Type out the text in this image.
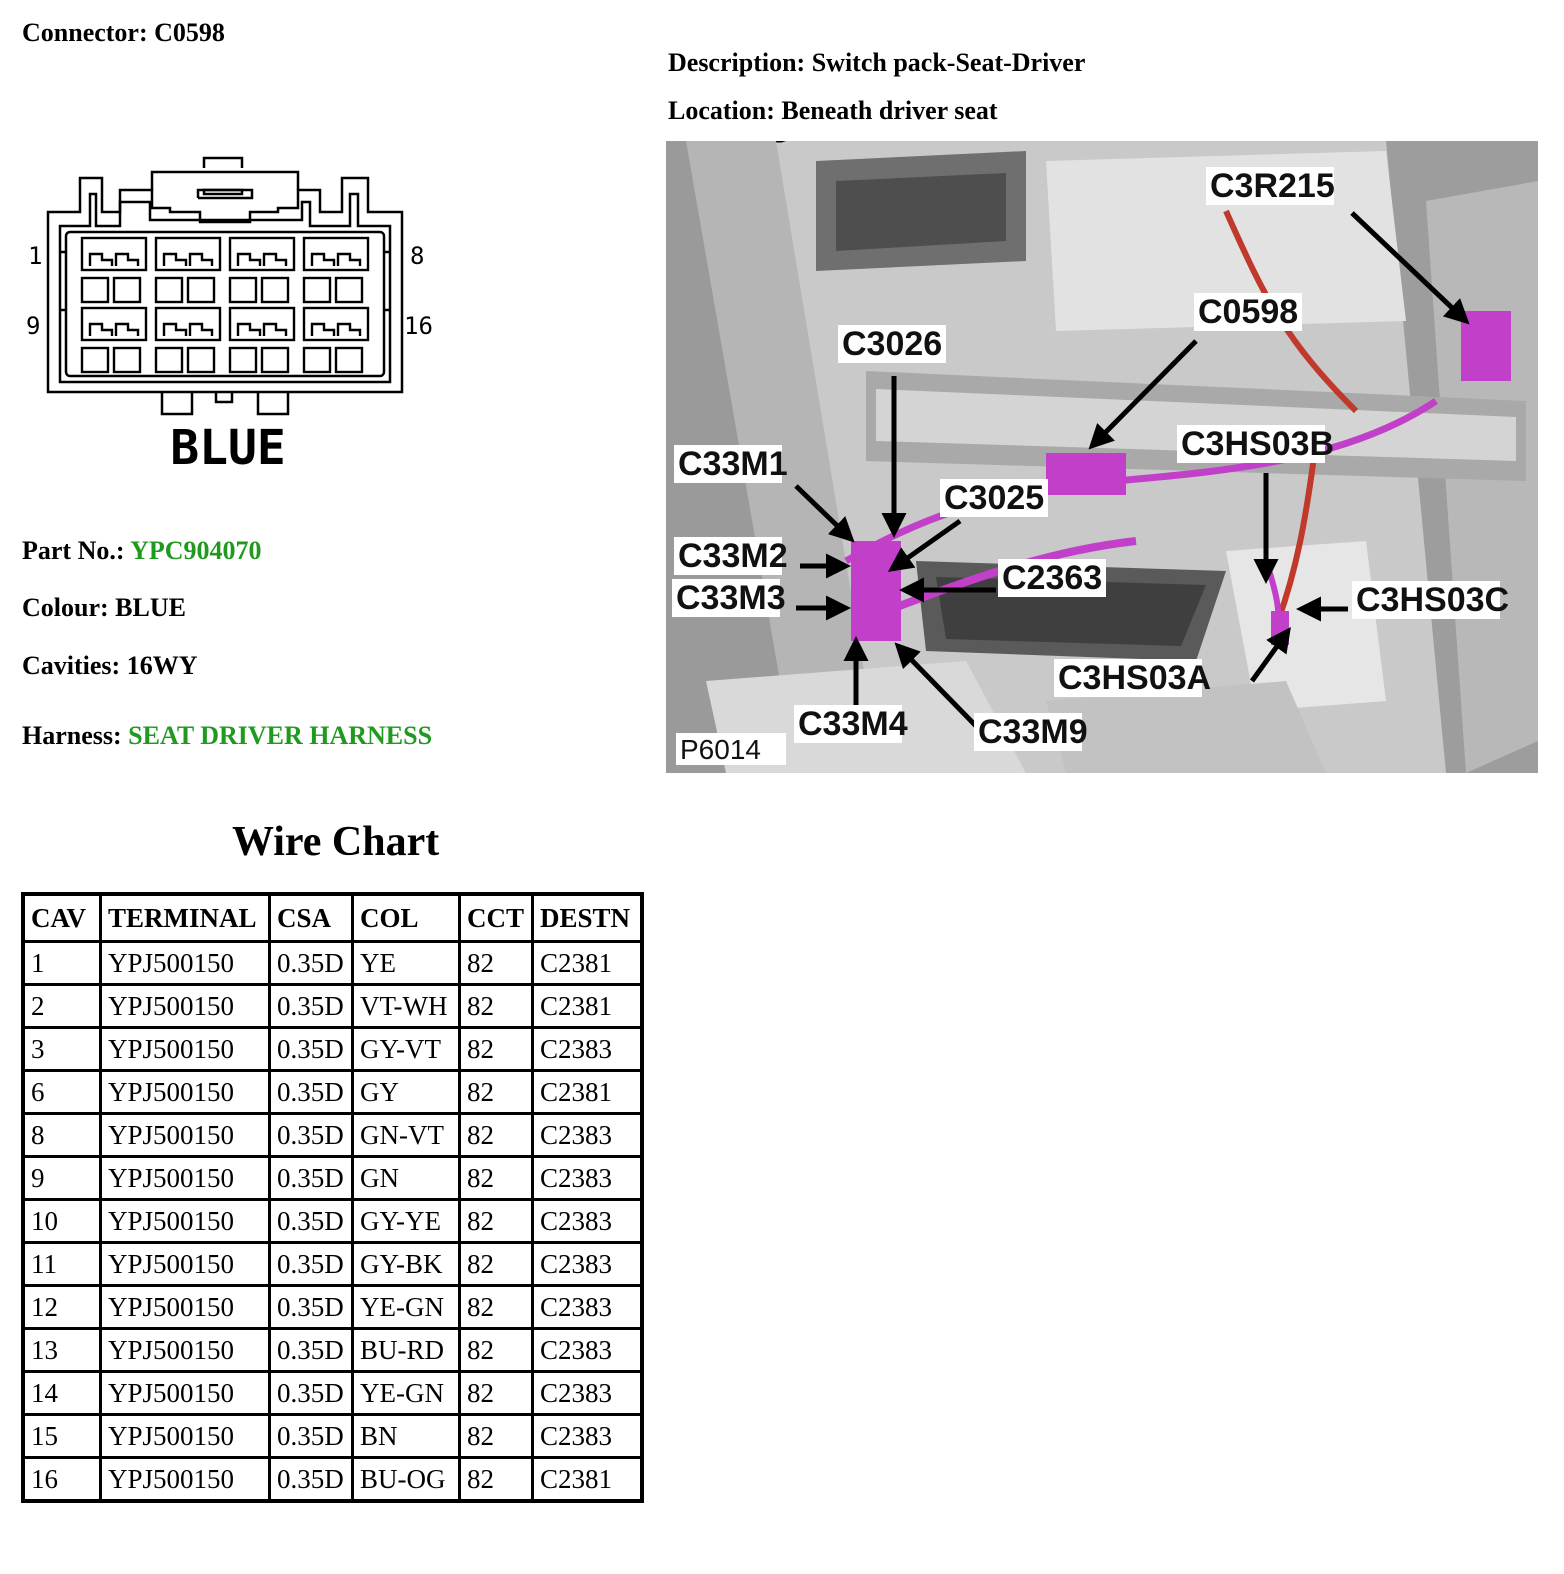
Connector: C0598
Description: Switch pack-Seat-Driver
Location: Beneath driver seat
1	8
9	16
BLUE
Part No.: YPC904070
Colour: BLUE
Cavities: 16WY
Harness: SEAT DRIVER HARNESS
C3R215
C0598
C3026
C3HS03B
C33M1
C3025
C33M2
C2363
C33M3	C3HS03C
C3HS03A
C33M4 C33M9
P6014
Wire Chart
CAV	TERMINAL	CSA	COL	CCT	DESTN
1	YPJ500150	0.35D	YE	82	C2381
2	YPJ500150	0.35D	VT-WH	82	C2381
3	YPJ500150	0.35D	GY-VT	82	C2383
6	YPJ500150	0.35D	GY	82	C2381
8	YPJ500150	0.35D	GN-VT	82	C2383
9	YPJ500150	0.35D	GN	82	C2383
10	YPJ500150	0.35D	GY-YE	82	C2383
11	YPJ500150	0.35D	GY-BK	82	C2383
12	YPJ500150	0.35D	YE-GN	82	C2383
13	YPJ500150	0.35D	BU-RD	82	C2383
14	YPJ500150	0.35D	YE-GN	82	C2383
15	YPJ500150	0.35D	BN	82	C2383
16	YPJ500150	0.35D	BU-OG	82	C2381
